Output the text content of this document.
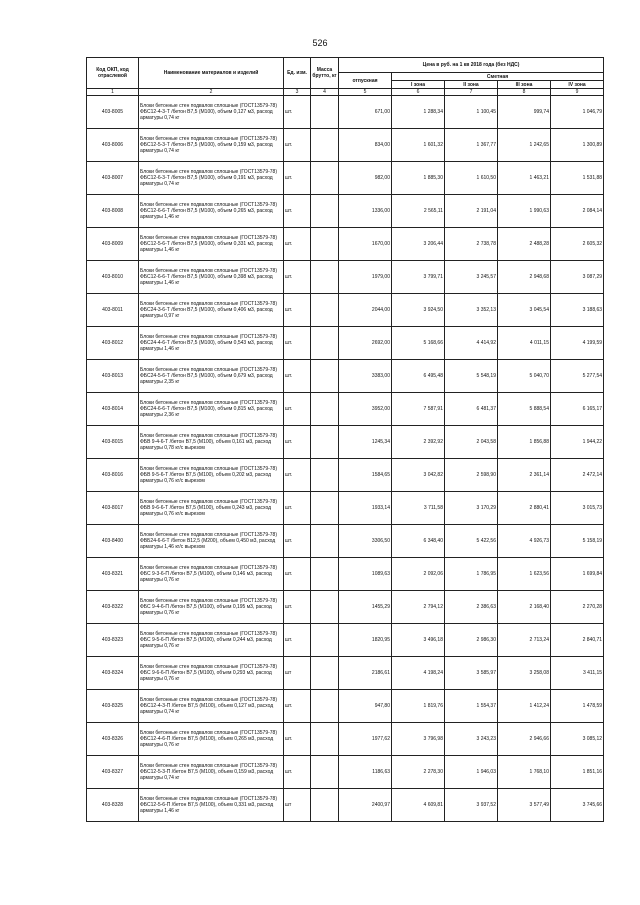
526
Код ОКП, код отраслевой	Наименование материалов и изделий	Ед. изм.	Масса брутто, кг	Цена в руб. на 1 кв 2018 года (без НДС)				
				отпускная	Сметная			
					I зона	II зона	III зона	IV зона
1	2	3	4	5	6	7	8	9
403-8005	Блоки бетонные стен подвалов сплошные (ГОСТ13579-78) ФБС12-4-3-Т /бетон В7,5 (М100), объем 0,127 м3, расход арматуры 0,74 кг	шт.		671,00	1 288,34	1 100,45	999,74	1 046,79
403-8006	Блоки бетонные стен подвалов сплошные (ГОСТ13579-78) ФБС12-5-3-Т /бетон В7,5 (М100), объем 0,159 м3, расход арматуры 0,74 кг	шт.		834,00	1 601,32	1 367,77	1 242,65	1 300,89
403-8007	Блоки бетонные стен подвалов сплошные (ГОСТ13579-78) ФБС12-6-3-Т /бетон В7,5 (М100), объем 0,191 м3, расход арматуры 0,74 кг	шт.		982,00	1 885,30	1 610,50	1 463,21	1 531,88
403-8008	Блоки бетонные стен подвалов сплошные (ГОСТ13579-78) ФБС12-6-6-Т /бетон В7,5 (М100), объем 0,265 м3, расход арматуры 1,46 кг	шт.		1336,00	2 565,11	2 191,04	1 990,63	2 084,14
403-8009	Блоки бетонные стен подвалов сплошные (ГОСТ13579-78) ФБС12-5-6-Т /бетон В7,5 (М100), объем 0,331 м3, расход арматуры 1,46 кг	шт.		1670,00	3 206,44	2 738,78	2 488,28	2 605,32
403-8010	Блоки бетонные стен подвалов сплошные (ГОСТ13579-78) ФБС12-6-6-Т /бетон В7,5 (М100), объем 0,398 м3, расход арматуры 1,46 кг	шт.		1979,00	3 799,71	3 245,57	2 948,68	3 087,29
403-8011	Блоки бетонные стен подвалов сплошные (ГОСТ13579-78) ФБС24-3-6-Т /бетон В7,5 (М100), объем 0,406 м3, расход арматуры 0,97 кг	шт.		2044,00	3 924,50	3 352,13	3 045,54	3 188,63
403-8012	Блоки бетонные стен подвалов сплошные (ГОСТ13579-78) ФБС24-4-6-Т /бетон В7,5 (М100), объем 0,543 м3, расход арматуры 1,46 кг	шт.		2692,00	5 168,66	4 414,92	4 011,15	4 199,59
403-8013	Блоки бетонные стен подвалов сплошные (ГОСТ13579-78) ФБС24-5-6-Т /бетон В7,5 (М100), объем 0,679 м3, расход арматуры 2,35 кг	шт.		3383,00	6 495,48	5 548,19	5 040,70	5 277,54
403-8014	Блоки бетонные стен подвалов сплошные (ГОСТ13579-78) ФБС24-6-6-Т /бетон В7,5 (М100), объем 0,815 м3, расход арматуры 2,36 кг	шт.		3952,00	7 587,91	6 481,37	5 888,54	6 165,17
403-8015	Блоки бетонные стен подвалов сплошные (ГОСТ13579-78) ФБВ 9-4-6-Т /бетон В7,5 (М100), объем 0,161 м3, расход арматуры 0,78 кг/с вырезом	шт.		1245,34	2 392,92	2 043,58	1 856,88	1 944,22
403-8016	Блоки бетонные стен подвалов сплошные (ГОСТ13579-78) ФБВ 9-5-6-Т /бетон В7,5 (М100), объем 0,202 м3, расход арматуры 0,76 кг/с вырезом	шт.		1584,65	3 042,82	2 598,90	2 361,14	2 472,14
403-8017	Блоки бетонные стен подвалов сплошные (ГОСТ13579-78) ФБВ 9-6-6-Т /бетон В7,5 (М100), объем 0,243 м3, расход арматуры 0,76 кг/с вырезом	шт.		1933,14	3 711,58	3 170,29	2 880,41	3 015,73
403-8400	Блоки бетонные стен подвалов сплошные (ГОСТ13579-78) ФВБ24-6-6-Т /бетон В12,5 (М200), объем 0,450 м3, расход арматуры 1,46 кг/с вырезом	шт.		3306,50	6 348,40	5 422,56	4 926,73	5 158,19
403-8321	Блоки бетонные стен подвалов сплошные (ГОСТ13579-78) ФБС 9-3-6-П /бетон В7,5 (М100), объем 0,146 м3, расход арматуры 0,76 кг	шт.		1089,63	2 092,06	1 786,95	1 623,56	1 699,84
403-8322	Блоки бетонные стен подвалов сплошные (ГОСТ13579-78) ФБС 9-4-6-П /бетон В7,5 (М100), объем 0,195 м3, расход арматуры 0,76 кг	шт.		1455,29	2 794,12	2 386,63	2 168,40	2 270,28
403-8323	Блоки бетонные стен подвалов сплошные (ГОСТ13579-78) ФБС 9-5-6-П /бетон В7,5 (М100), объем 0,244 м3, расход арматуры 0,76 кг	шт.		1820,95	3 496,18	2 986,30	2 713,24	2 840,71
403-8324	Блоки бетонные стен подвалов сплошные (ГОСТ13579-78) ФБС 9-6-6-П /бетон В7,5 (М100), объем 0,293 м3, расход арматуры 0,76 кг	шт		2186,61	4 198,24	3 585,97	3 258,08	3 411,15
403-8325	Блоки бетонные стен подвалов сплошные (ГОСТ13579-78) ФБС12-4-3-П /бетон В7,5 (М100), объем 0,127 м3, расход арматуры 0,74 кг	шт.		947,80	1 819,76	1 554,37	1 412,24	1 478,59
403-8326	Блоки бетонные стен подвалов сплошные (ГОСТ13579-78) ФБС12-4-6-П /бетон В7,5 (М100), объем 0,265 м3, расход арматуры 0,76 кг	шт.		1977,62	3 796,98	3 243,23	2 946,66	3 085,12
403-8327	Блоки бетонные стен подвалов сплошные (ГОСТ13579-78) ФБС12-5-3-П /бетон В7,5 (М100), объем 0,159 м3, расход арматуры 0,74 кг	шт.		1186,63	2 278,30	1 946,03	1 768,10	1 851,16
403-8328	Блоки бетонные стен подвалов сплошные (ГОСТ13579-78) ФБС12-5-6-П /бетон В7,5 (М100), объем 0,331 м3, расход арматуры 1,46 кг	шт		2400,97	4 609,81	3 937,52	3 577,49	3 745,66
